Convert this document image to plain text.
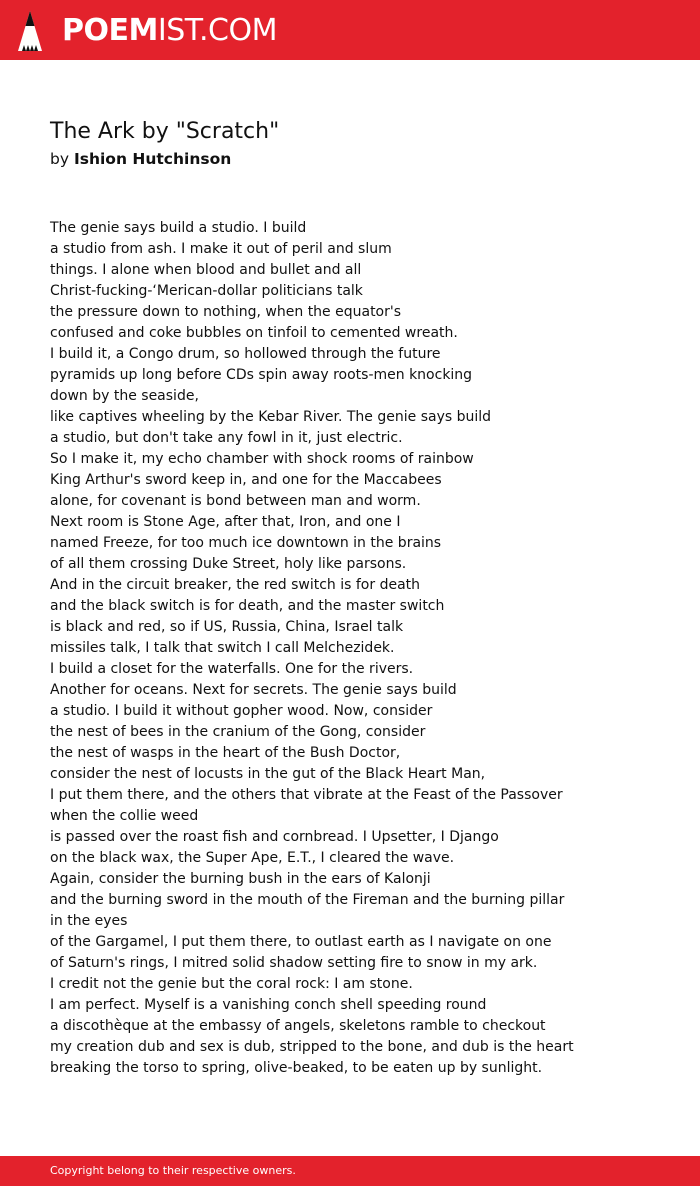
POEMIST.COM
The Ark by "Scratch"
by Ishion Hutchinson
The genie says build a studio. I build
a studio from ash. I make it out of peril and slum
things. I alone when blood and bullet and all
Christ-fucking-‘Merican-dollar politicians talk
the pressure down to nothing, when the equator's
confused and coke bubbles on tinfoil to cemented wreath.
I build it, a Congo drum, so hollowed through the future
pyramids up long before CDs spin away roots-men knocking
down by the seaside,
like captives wheeling by the Kebar River. The genie says build
a studio, but don't take any fowl in it, just electric.
So I make it, my echo chamber with shock rooms of rainbow
King Arthur's sword keep in, and one for the Maccabees
alone, for covenant is bond between man and worm.
Next room is Stone Age, after that, Iron, and one I
named Freeze, for too much ice downtown in the brains
of all them crossing Duke Street, holy like parsons.
And in the circuit breaker, the red switch is for death
and the black switch is for death, and the master switch
is black and red, so if US, Russia, China, Israel talk
missiles talk, I talk that switch I call Melchezidek.
I build a closet for the waterfalls. One for the rivers.
Another for oceans. Next for secrets. The genie says build
a studio. I build it without gopher wood. Now, consider
the nest of bees in the cranium of the Gong, consider
the nest of wasps in the heart of the Bush Doctor,
consider the nest of locusts in the gut of the Black Heart Man,
I put them there, and the others that vibrate at the Feast of the Passover
when the collie weed
is passed over the roast fish and cornbread. I Upsetter, I Django
on the black wax, the Super Ape, E.T., I cleared the wave.
Again, consider the burning bush in the ears of Kalonji
and the burning sword in the mouth of the Fireman and the burning pillar
in the eyes
of the Gargamel, I put them there, to outlast earth as I navigate on one
of Saturn's rings, I mitred solid shadow setting fire to snow in my ark.
I credit not the genie but the coral rock: I am stone.
I am perfect. Myself is a vanishing conch shell speeding round
a discothèque at the embassy of angels, skeletons ramble to checkout
my creation dub and sex is dub, stripped to the bone, and dub is the heart
breaking the torso to spring, olive-beaked, to be eaten up by sunlight.
Copyright belong to their respective owners.
